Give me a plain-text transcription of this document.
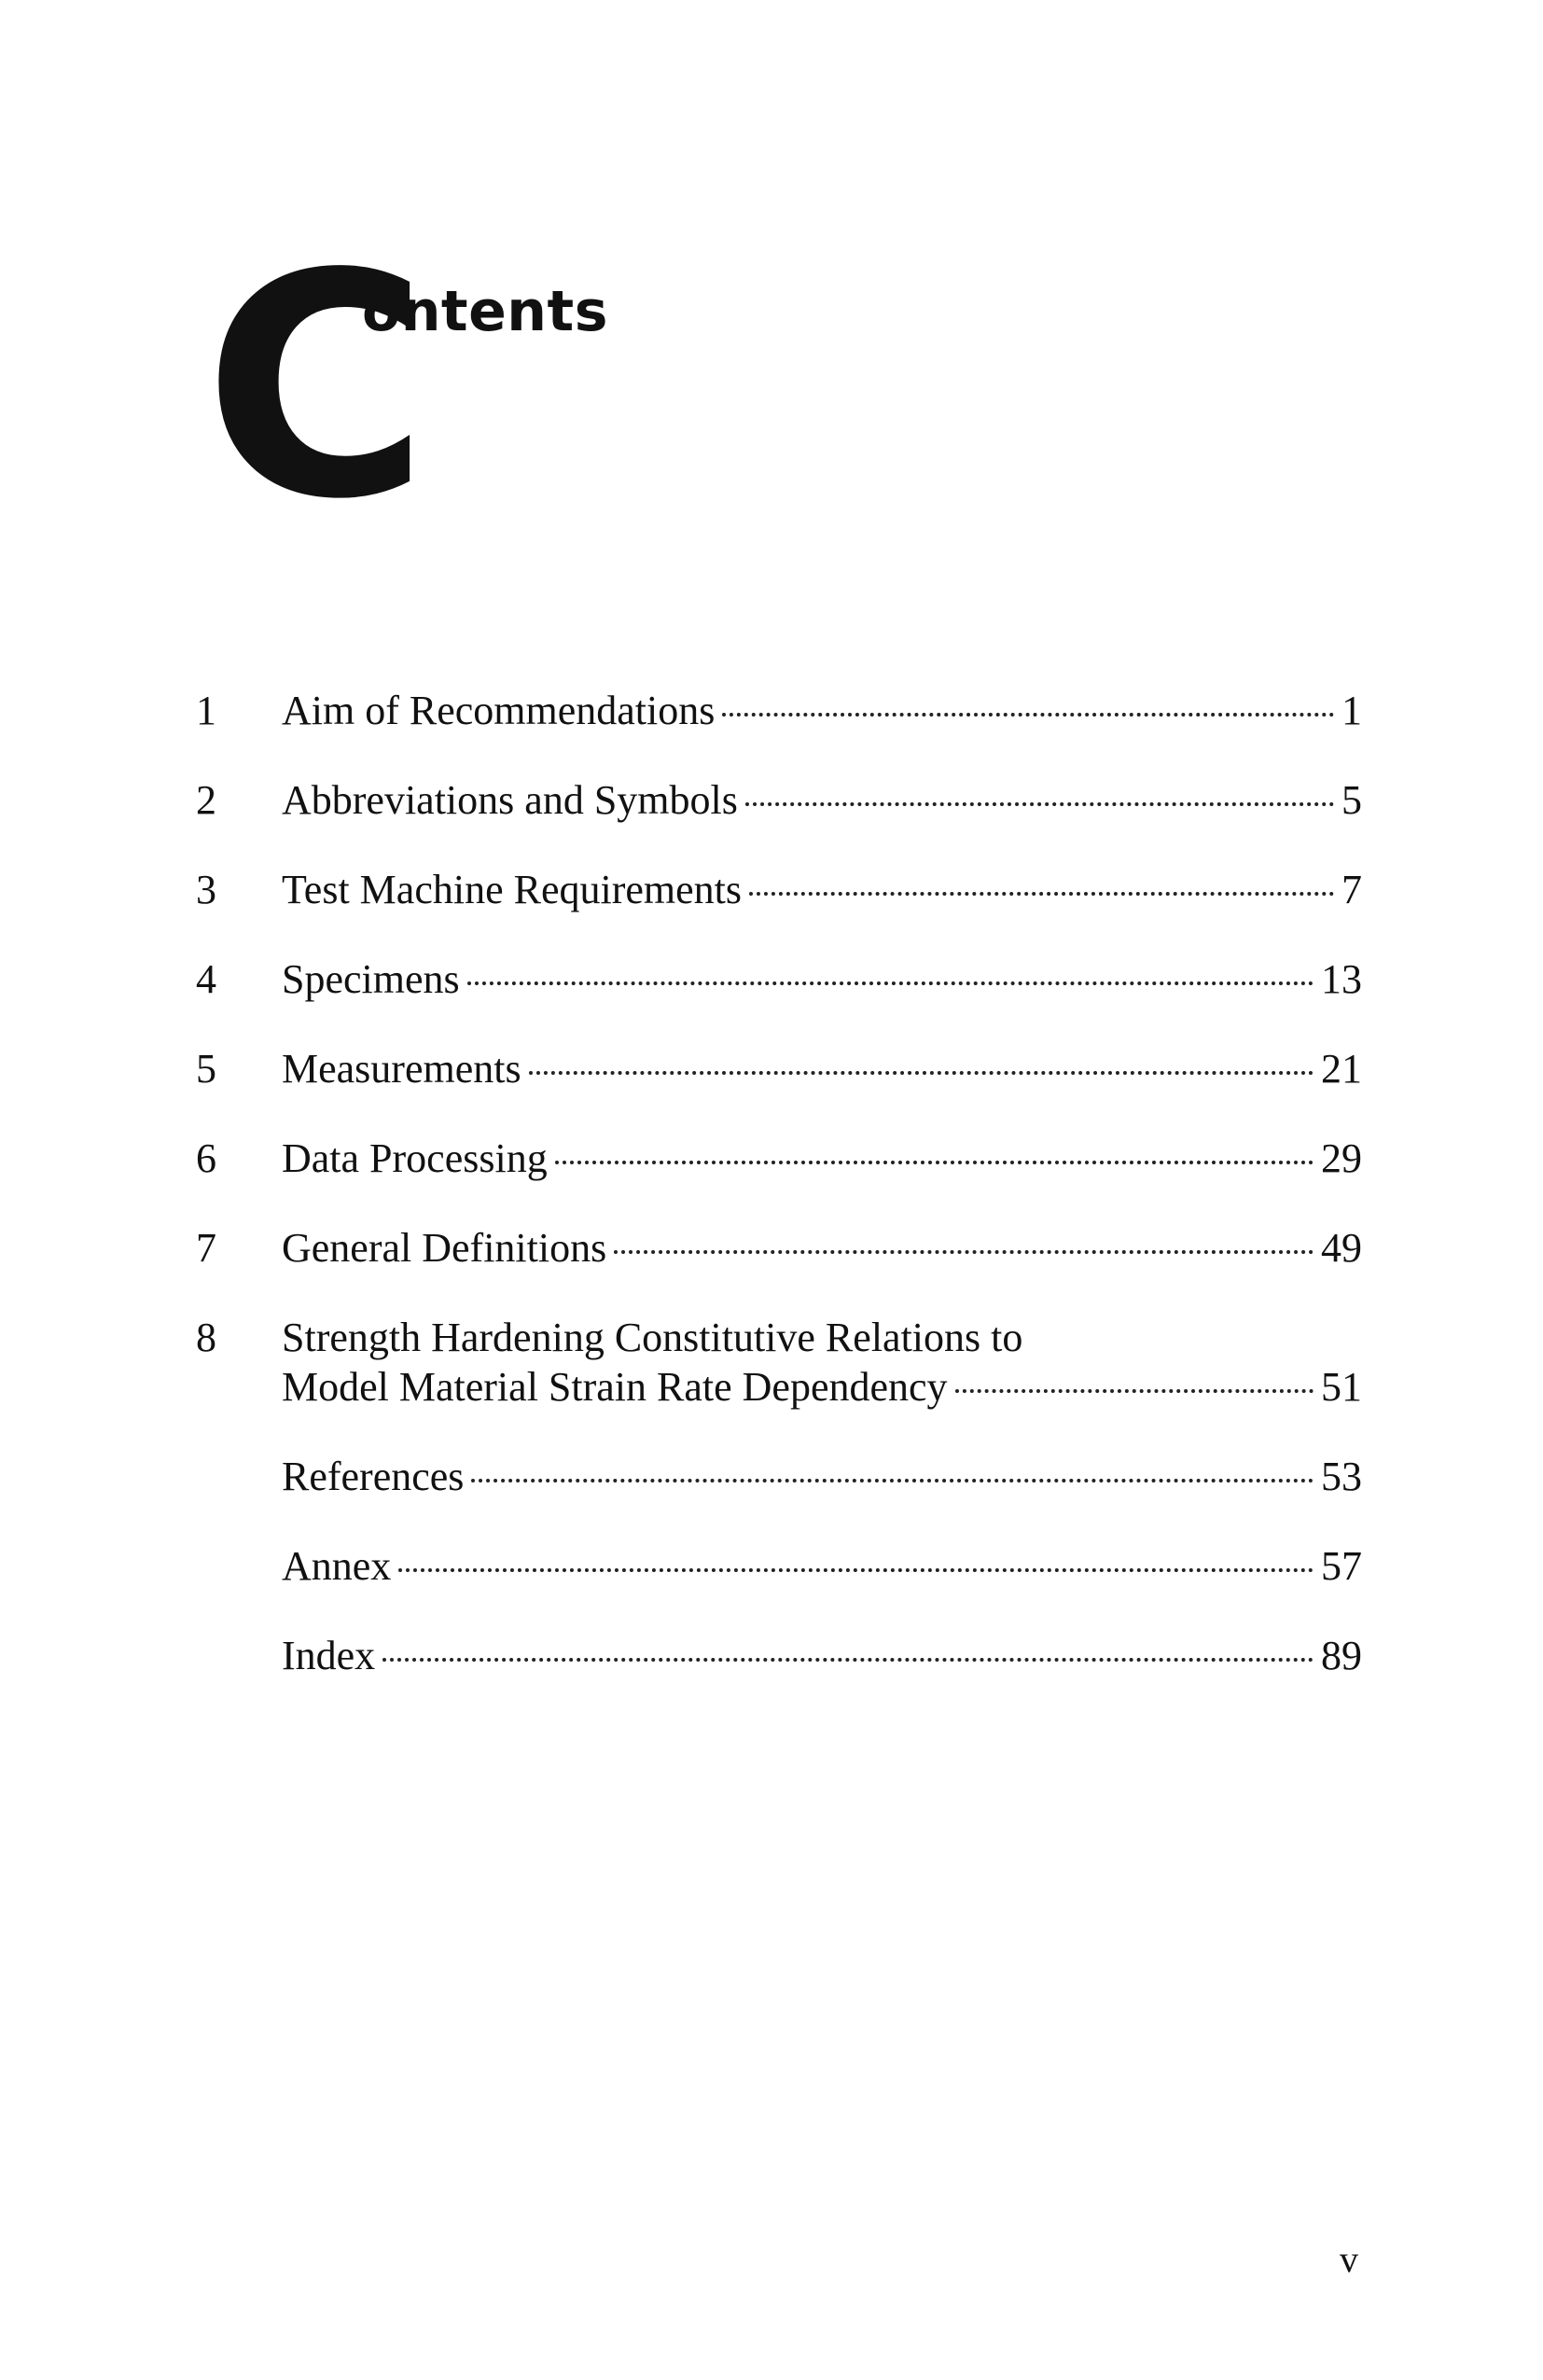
C
ontents
1	Aim of Recommendations	1
2	Abbreviations and Symbols	5
3	Test Machine Requirements	7
4	Specimens	13
5	Measurements	21
6	Data Processing	29
7	General Definitions	49
8	Strength Hardening Constitutive Relations to
Model Material Strain Rate Dependency	51
References	53
Annex	57
Index	89
v
